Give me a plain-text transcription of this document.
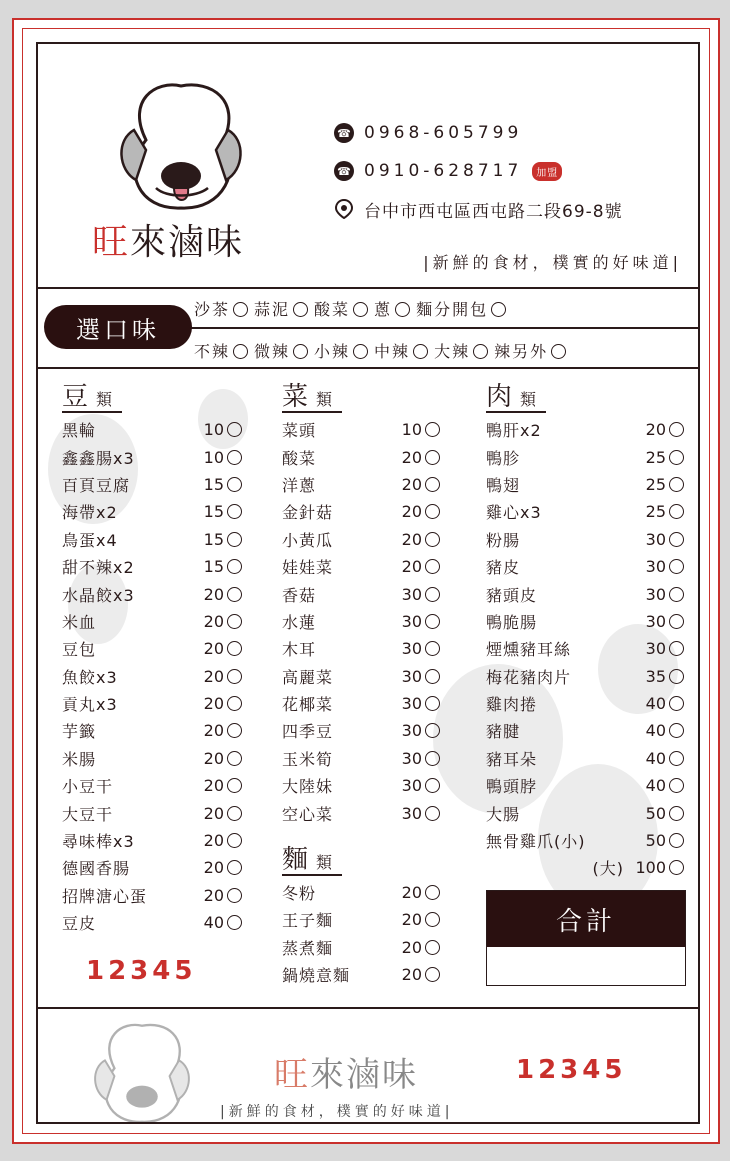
旺來滷味
☎ 0968-605799
☎ 0910-628717	加盟
台中市西屯區西屯路二段69-8號
|新鮮的食材，樸實的好味道|
選口味
沙茶 蒜泥 酸菜 蔥 麵分開包
不辣 微辣 小辣 中辣 大辣 辣另外
豆類
黑輪	10
鑫鑫腸x3	10
百頁豆腐	15
海帶x2	15
鳥蛋x4	15
甜不辣x2	15
水晶餃x3	20
米血	20
豆包	20
魚餃x3	20
貢丸x3	20
芋籤	20
米腸	20
小豆干	20
大豆干	20
尋味棒x3	20
德國香腸	20
招牌溏心蛋	20
豆皮	40
菜類
菜頭	10
酸菜	20
洋蔥	20
金針菇	20
小黃瓜	20
娃娃菜	20
香菇	30
水蓮	30
木耳	30
高麗菜	30
花椰菜	30
四季豆	30
玉米筍	30
大陸妹	30
空心菜	30
麵類
冬粉	20
王子麵	20
蒸煮麵	20
鍋燒意麵	20
肉類
鴨肝x2	20
鴨胗	25
鴨翅	25
雞心x3	25
粉腸	30
豬皮	30
豬頭皮	30
鴨脆腸	30
煙燻豬耳絲	30
梅花豬肉片	35
雞肉捲	40
豬腱	40
豬耳朵	40
鴨頭脖	40
大腸	50
無骨雞爪(小)	50
(大) 100
12345
合計
旺來滷味	12345
|新鮮的食材，樸實的好味道|
